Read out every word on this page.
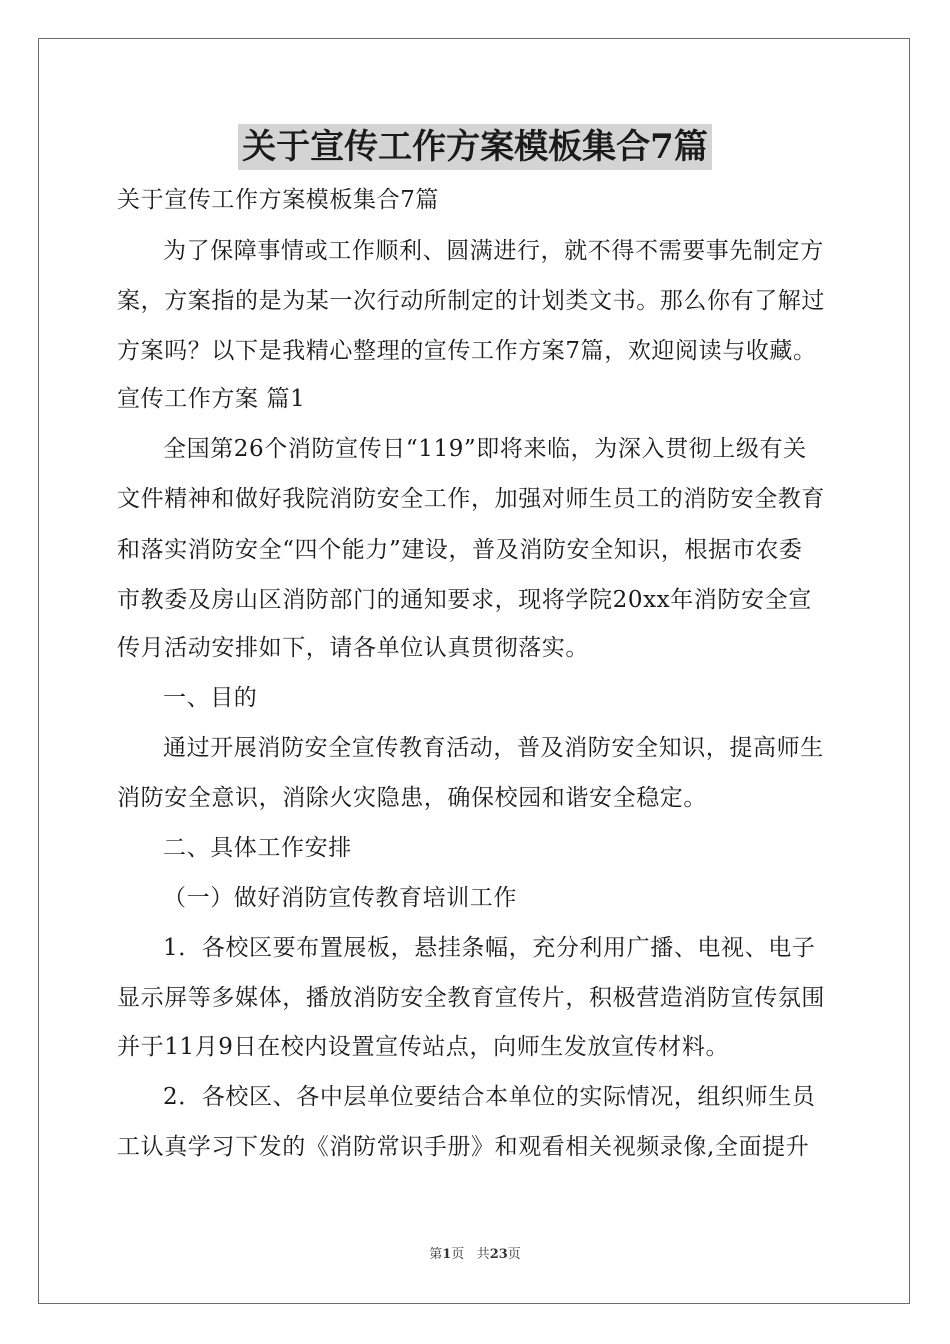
关于宣传工作方案模板集合7篇
关于宣传工作方案模板集合7篇
为了保障事情或工作顺利、圆满进行，就不得不需要事先制定方
案，方案指的是为某一次行动所制定的计划类文书。那么你有了解过
方案吗？以下是我精心整理的宣传工作方案7篇，欢迎阅读与收藏。
宣传工作方案 篇1
全国第26个消防宣传日“119”即将来临，为深入贯彻上级有关
文件精神和做好我院消防安全工作，加强对师生员工的消防安全教育
和落实消防安全“四个能力”建设，普及消防安全知识，根据市农委
市教委及房山区消防部门的通知要求，现将学院20xx年消防安全宣
传月活动安排如下，请各单位认真贯彻落实。
一、目的
通过开展消防安全宣传教育活动，普及消防安全知识，提高师生
消防安全意识，消除火灾隐患，确保校园和谐安全稳定。
二、具体工作安排
（一）做好消防宣传教育培训工作
1．各校区要布置展板，悬挂条幅，充分利用广播、电视、电子
显示屏等多媒体，播放消防安全教育宣传片，积极营造消防宣传氛围
并于11月9日在校内设置宣传站点，向师生发放宣传材料。
2．各校区、各中层单位要结合本单位的实际情况，组织师生员
工认真学习下发的《消防常识手册》和观看相关视频录像,全面提升
第1页 共23页
